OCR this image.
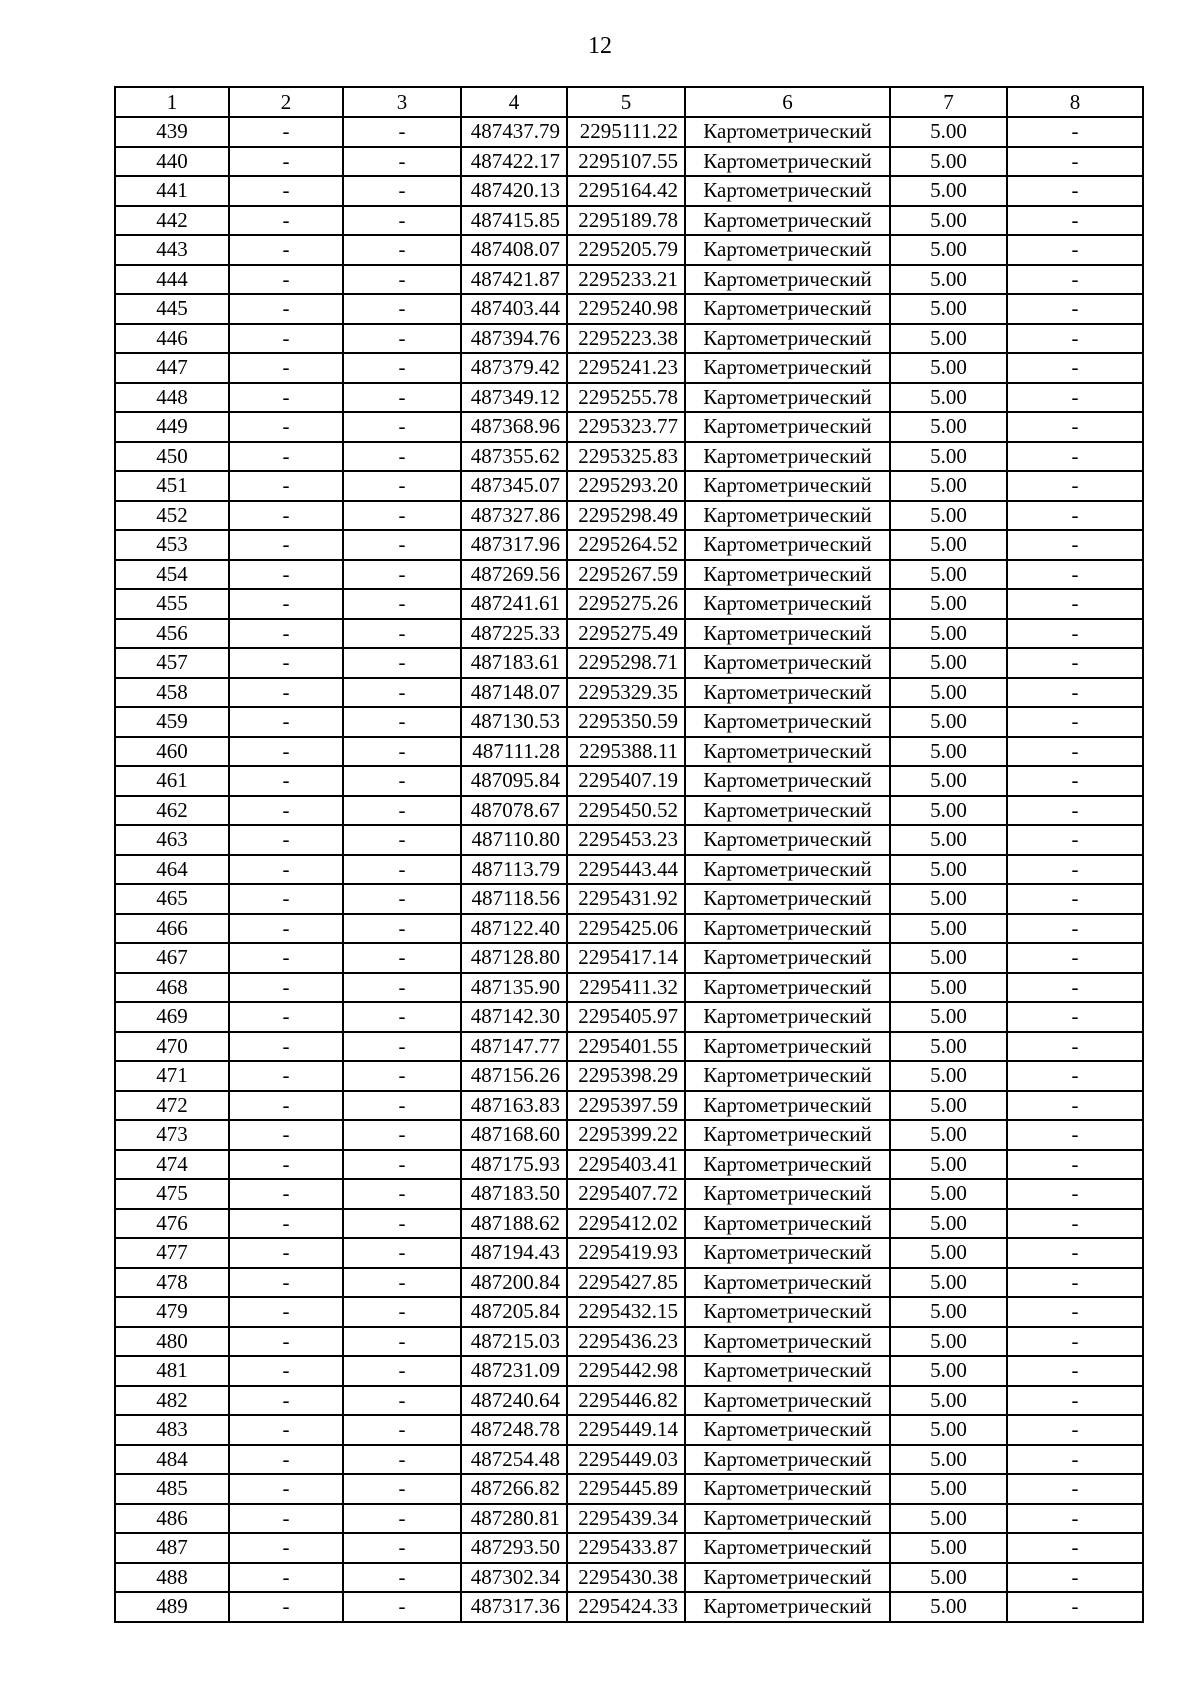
12
1	2	3	4	5	6	7	8
439	-	-	487437.79	2295111.22	Картометрический	5.00	-
440	-	-	487422.17	2295107.55	Картометрический	5.00	-
441	-	-	487420.13	2295164.42	Картометрический	5.00	-
442	-	-	487415.85	2295189.78	Картометрический	5.00	-
443	-	-	487408.07	2295205.79	Картометрический	5.00	-
444	-	-	487421.87	2295233.21	Картометрический	5.00	-
445	-	-	487403.44	2295240.98	Картометрический	5.00	-
446	-	-	487394.76	2295223.38	Картометрический	5.00	-
447	-	-	487379.42	2295241.23	Картометрический	5.00	-
448	-	-	487349.12	2295255.78	Картометрический	5.00	-
449	-	-	487368.96	2295323.77	Картометрический	5.00	-
450	-	-	487355.62	2295325.83	Картометрический	5.00	-
451	-	-	487345.07	2295293.20	Картометрический	5.00	-
452	-	-	487327.86	2295298.49	Картометрический	5.00	-
453	-	-	487317.96	2295264.52	Картометрический	5.00	-
454	-	-	487269.56	2295267.59	Картометрический	5.00	-
455	-	-	487241.61	2295275.26	Картометрический	5.00	-
456	-	-	487225.33	2295275.49	Картометрический	5.00	-
457	-	-	487183.61	2295298.71	Картометрический	5.00	-
458	-	-	487148.07	2295329.35	Картометрический	5.00	-
459	-	-	487130.53	2295350.59	Картометрический	5.00	-
460	-	-	487111.28	2295388.11	Картометрический	5.00	-
461	-	-	487095.84	2295407.19	Картометрический	5.00	-
462	-	-	487078.67	2295450.52	Картометрический	5.00	-
463	-	-	487110.80	2295453.23	Картометрический	5.00	-
464	-	-	487113.79	2295443.44	Картометрический	5.00	-
465	-	-	487118.56	2295431.92	Картометрический	5.00	-
466	-	-	487122.40	2295425.06	Картометрический	5.00	-
467	-	-	487128.80	2295417.14	Картометрический	5.00	-
468	-	-	487135.90	2295411.32	Картометрический	5.00	-
469	-	-	487142.30	2295405.97	Картометрический	5.00	-
470	-	-	487147.77	2295401.55	Картометрический	5.00	-
471	-	-	487156.26	2295398.29	Картометрический	5.00	-
472	-	-	487163.83	2295397.59	Картометрический	5.00	-
473	-	-	487168.60	2295399.22	Картометрический	5.00	-
474	-	-	487175.93	2295403.41	Картометрический	5.00	-
475	-	-	487183.50	2295407.72	Картометрический	5.00	-
476	-	-	487188.62	2295412.02	Картометрический	5.00	-
477	-	-	487194.43	2295419.93	Картометрический	5.00	-
478	-	-	487200.84	2295427.85	Картометрический	5.00	-
479	-	-	487205.84	2295432.15	Картометрический	5.00	-
480	-	-	487215.03	2295436.23	Картометрический	5.00	-
481	-	-	487231.09	2295442.98	Картометрический	5.00	-
482	-	-	487240.64	2295446.82	Картометрический	5.00	-
483	-	-	487248.78	2295449.14	Картометрический	5.00	-
484	-	-	487254.48	2295449.03	Картометрический	5.00	-
485	-	-	487266.82	2295445.89	Картометрический	5.00	-
486	-	-	487280.81	2295439.34	Картометрический	5.00	-
487	-	-	487293.50	2295433.87	Картометрический	5.00	-
488	-	-	487302.34	2295430.38	Картометрический	5.00	-
489	-	-	487317.36	2295424.33	Картометрический	5.00	-
